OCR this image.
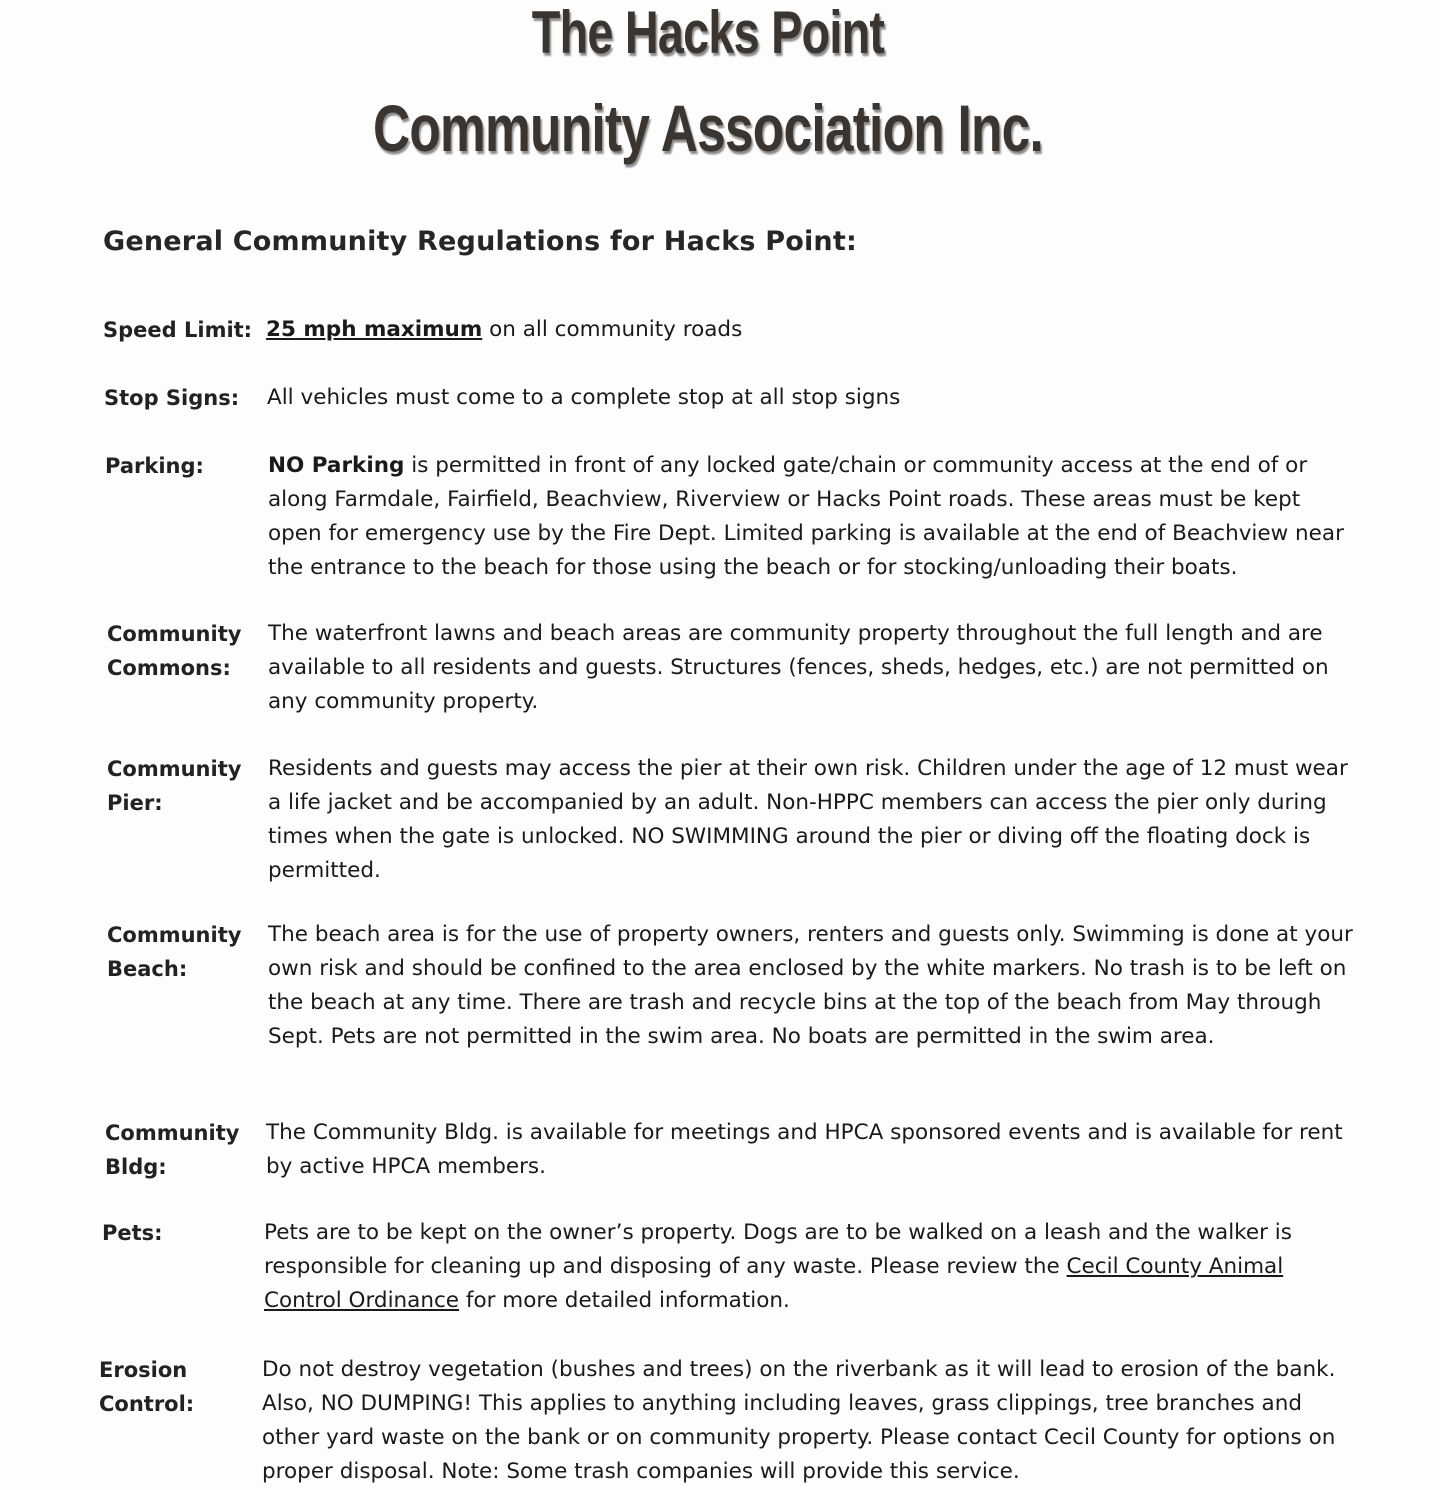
The Hacks Point
Community Association Inc.
General Community Regulations for Hacks Point:
Speed Limit: 25 mph maximum on all community roads
Stop Signs:	All vehicles must come to a complete stop at all stop signs
Parking:	NO Parking is permitted in front of any locked gate/chain or community access at the end of or along Farmdale, Fairfield, Beachview, Riverview or Hacks Point roads. These areas must be kept open for emergency use by the Fire Dept. Limited parking is available at the end of Beachview near the entrance to the beach for those using the beach or for stocking/unloading their boats.
Community
Commons:
The waterfront lawns and beach areas are community property throughout the full length and are available to all residents and guests. Structures (fences, sheds, hedges, etc.) are not permitted on any community property.
Community
Pier:
Residents and guests may access the pier at their own risk. Children under the age of 12 must wear a life jacket and be accompanied by an adult. Non-HPPC members can access the pier only during times when the gate is unlocked. NO SWIMMING around the pier or diving off the floating dock is permitted.
Community
Beach:
The beach area is for the use of property owners, renters and guests only. Swimming is done at your own risk and should be confined to the area enclosed by the white markers. No trash is to be left on the beach at any time. There are trash and recycle bins at the top of the beach from May through Sept. Pets are not permitted in the swim area. No boats are permitted in the swim area.
Community
Bldg:
The Community Bldg. is available for meetings and HPCA sponsored events and is available for rent by active HPCA members.
Pets:	Pets are to be kept on the owner’s property. Dogs are to be walked on a leash and the walker is responsible for cleaning up and disposing of any waste. Please review the Cecil County Animal Control Ordinance for more detailed information.
Erosion
Control:
Do not destroy vegetation (bushes and trees) on the riverbank as it will lead to erosion of the bank. Also, NO DUMPING! This applies to anything including leaves, grass clippings, tree branches and other yard waste on the bank or on community property. Please contact Cecil County for options on proper disposal. Note: Some trash companies will provide this service.
